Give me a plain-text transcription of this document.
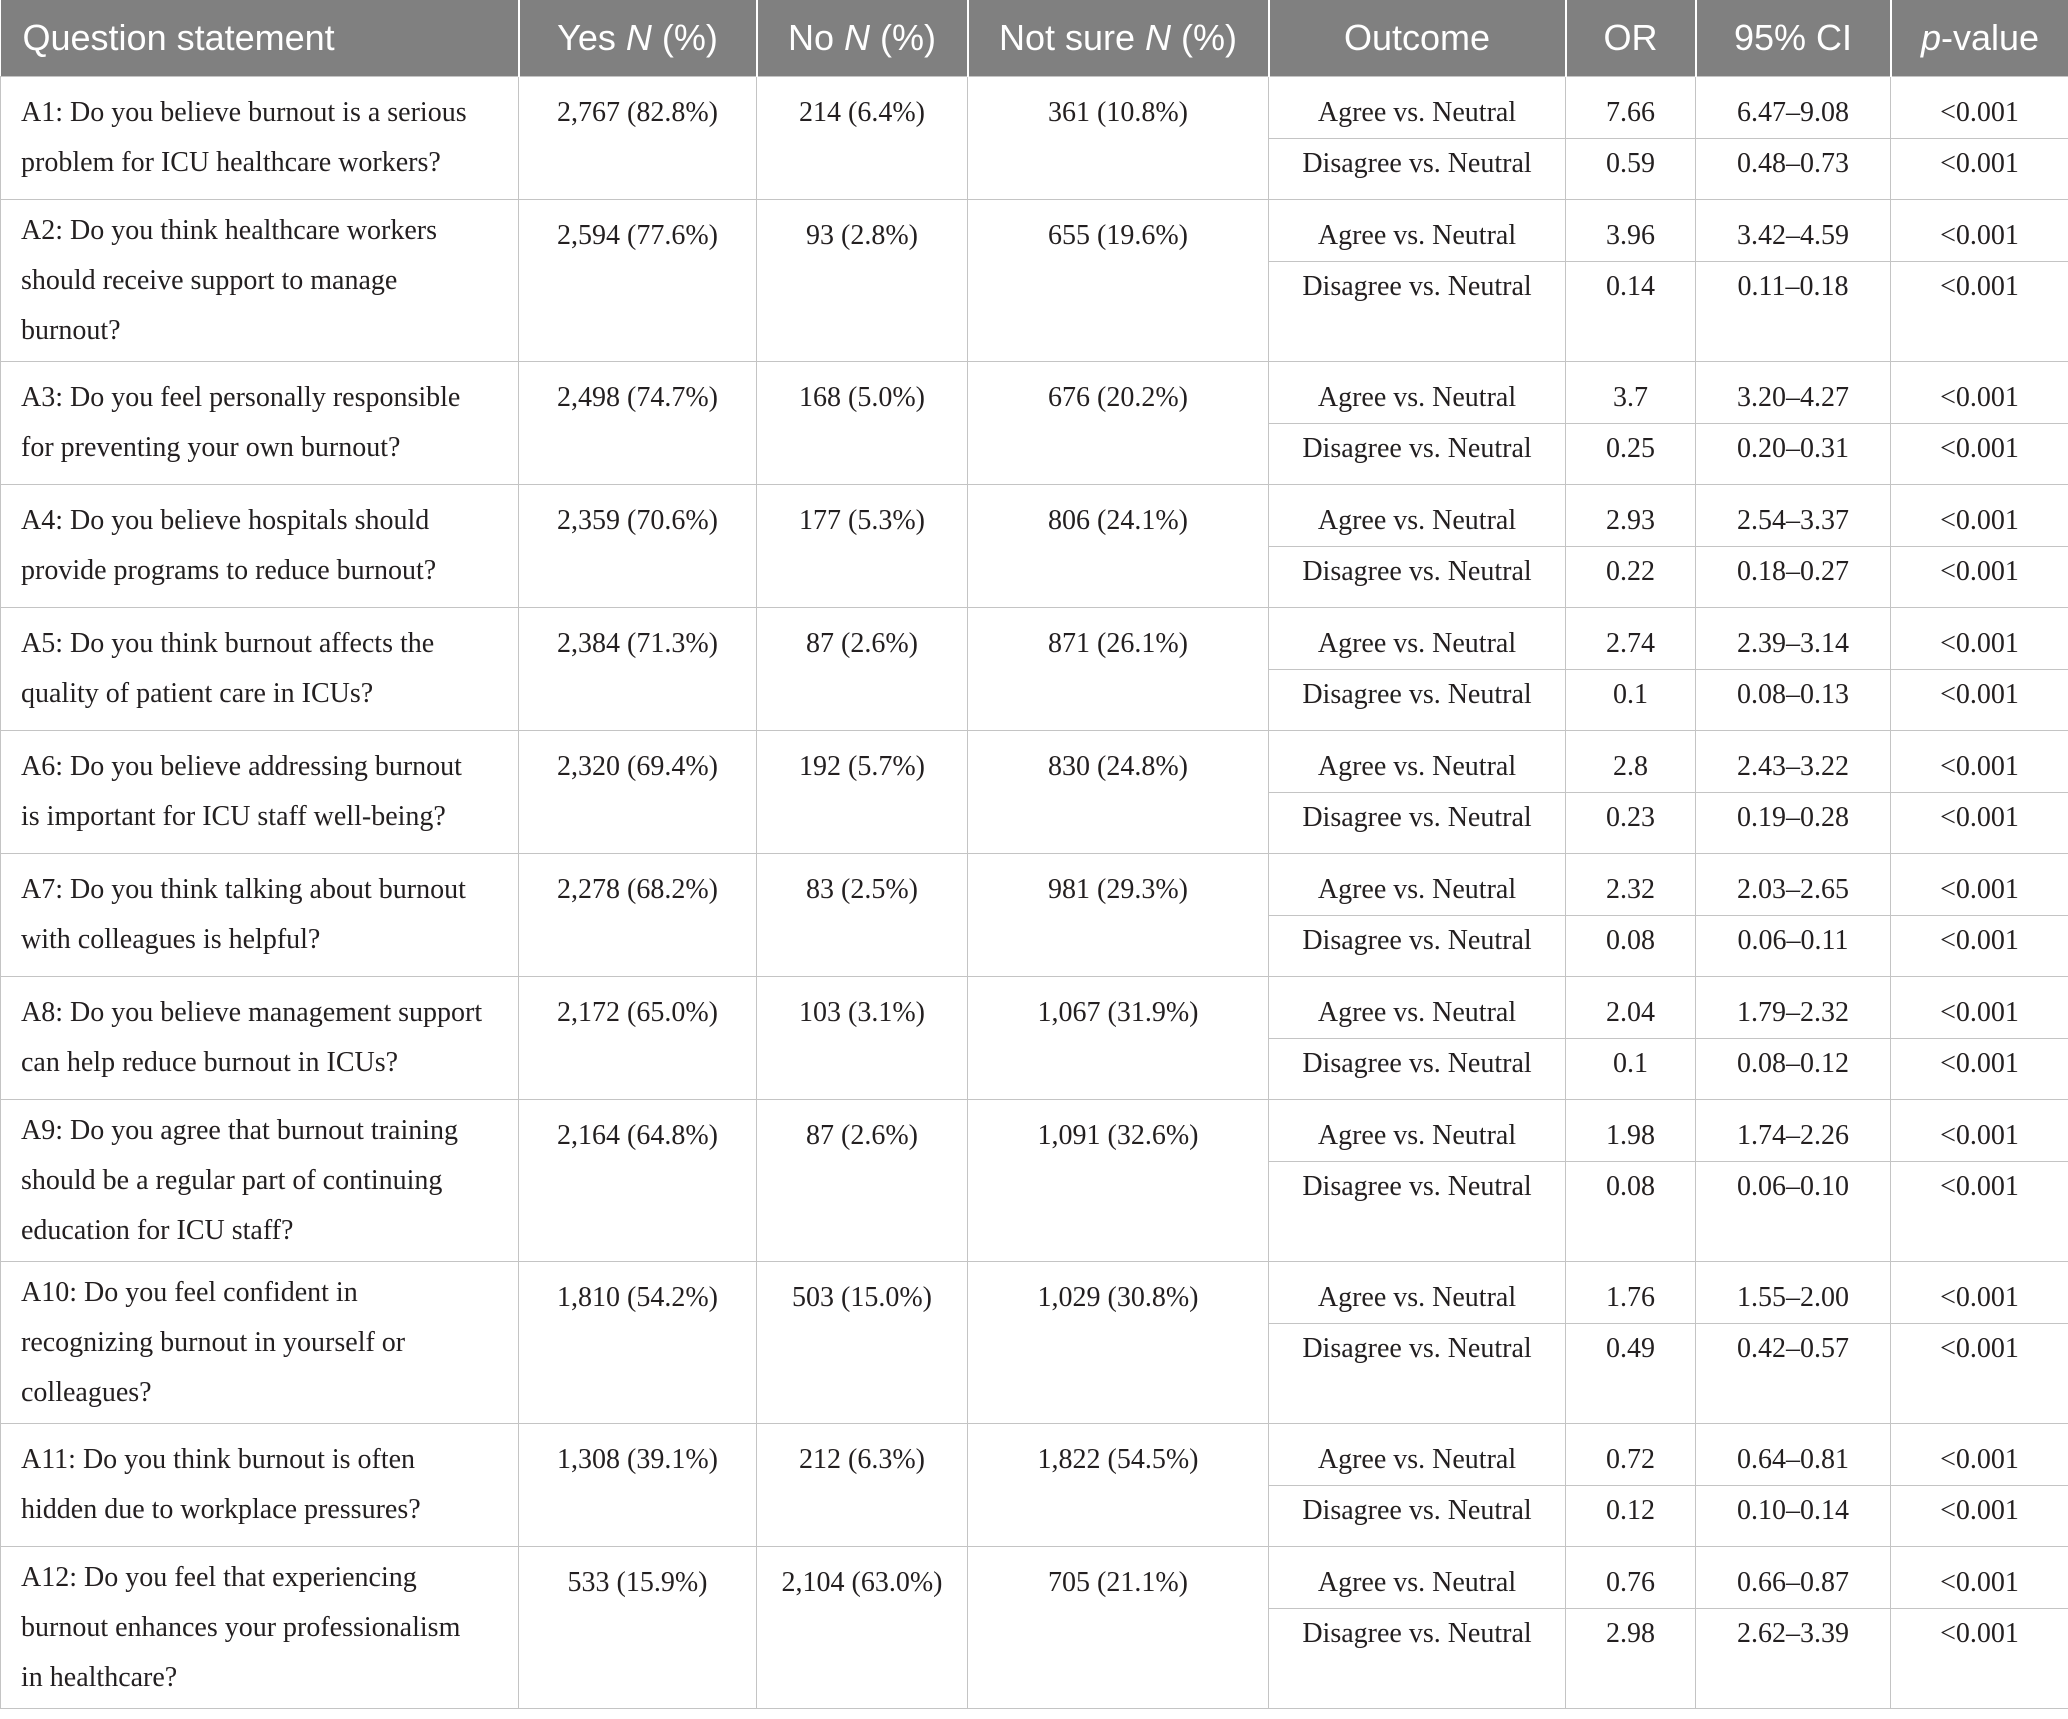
Question statement	Yes N (%)	No N (%)	Not sure N (%)	Outcome	OR	95% CI	p-value

A1: Do you believe burnout is a serious
problem for ICU healthcare workers?	2,767 (82.8%)	214 (6.4%)	361 (10.8%)	Agree vs. Neutral	7.66	6.47–9.08	<0.001
				Disagree vs. Neutral	0.59	0.48–0.73	<0.001

A2: Do you think healthcare workers
should receive support to manage
burnout?	2,594 (77.6%)	93 (2.8%)	655 (19.6%)	Agree vs. Neutral	3.96	3.42–4.59	<0.001
				Disagree vs. Neutral	0.14	0.11–0.18	<0.001

A3: Do you feel personally responsible
for preventing your own burnout?	2,498 (74.7%)	168 (5.0%)	676 (20.2%)	Agree vs. Neutral	3.7	3.20–4.27	<0.001
				Disagree vs. Neutral	0.25	0.20–0.31	<0.001

A4: Do you believe hospitals should
provide programs to reduce burnout?	2,359 (70.6%)	177 (5.3%)	806 (24.1%)	Agree vs. Neutral	2.93	2.54–3.37	<0.001
				Disagree vs. Neutral	0.22	0.18–0.27	<0.001

A5: Do you think burnout affects the
quality of patient care in ICUs?	2,384 (71.3%)	87 (2.6%)	871 (26.1%)	Agree vs. Neutral	2.74	2.39–3.14	<0.001
				Disagree vs. Neutral	0.1	0.08–0.13	<0.001

A6: Do you believe addressing burnout
is important for ICU staff well-being?	2,320 (69.4%)	192 (5.7%)	830 (24.8%)	Agree vs. Neutral	2.8	2.43–3.22	<0.001
				Disagree vs. Neutral	0.23	0.19–0.28	<0.001

A7: Do you think talking about burnout
with colleagues is helpful?	2,278 (68.2%)	83 (2.5%)	981 (29.3%)	Agree vs. Neutral	2.32	2.03–2.65	<0.001
				Disagree vs. Neutral	0.08	0.06–0.11	<0.001

A8: Do you believe management support
can help reduce burnout in ICUs?	2,172 (65.0%)	103 (3.1%)	1,067 (31.9%)	Agree vs. Neutral	2.04	1.79–2.32	<0.001
				Disagree vs. Neutral	0.1	0.08–0.12	<0.001

A9: Do you agree that burnout training
should be a regular part of continuing
education for ICU staff?	2,164 (64.8%)	87 (2.6%)	1,091 (32.6%)	Agree vs. Neutral	1.98	1.74–2.26	<0.001
				Disagree vs. Neutral	0.08	0.06–0.10	<0.001

A10: Do you feel confident in
recognizing burnout in yourself or
colleagues?	1,810 (54.2%)	503 (15.0%)	1,029 (30.8%)	Agree vs. Neutral	1.76	1.55–2.00	<0.001
				Disagree vs. Neutral	0.49	0.42–0.57	<0.001

A11: Do you think burnout is often
hidden due to workplace pressures?	1,308 (39.1%)	212 (6.3%)	1,822 (54.5%)	Agree vs. Neutral	0.72	0.64–0.81	<0.001
				Disagree vs. Neutral	0.12	0.10–0.14	<0.001

A12: Do you feel that experiencing
burnout enhances your professionalism
in healthcare?	533 (15.9%)	2,104 (63.0%)	705 (21.1%)	Agree vs. Neutral	0.76	0.66–0.87	<0.001
				Disagree vs. Neutral	2.98	2.62–3.39	<0.001
